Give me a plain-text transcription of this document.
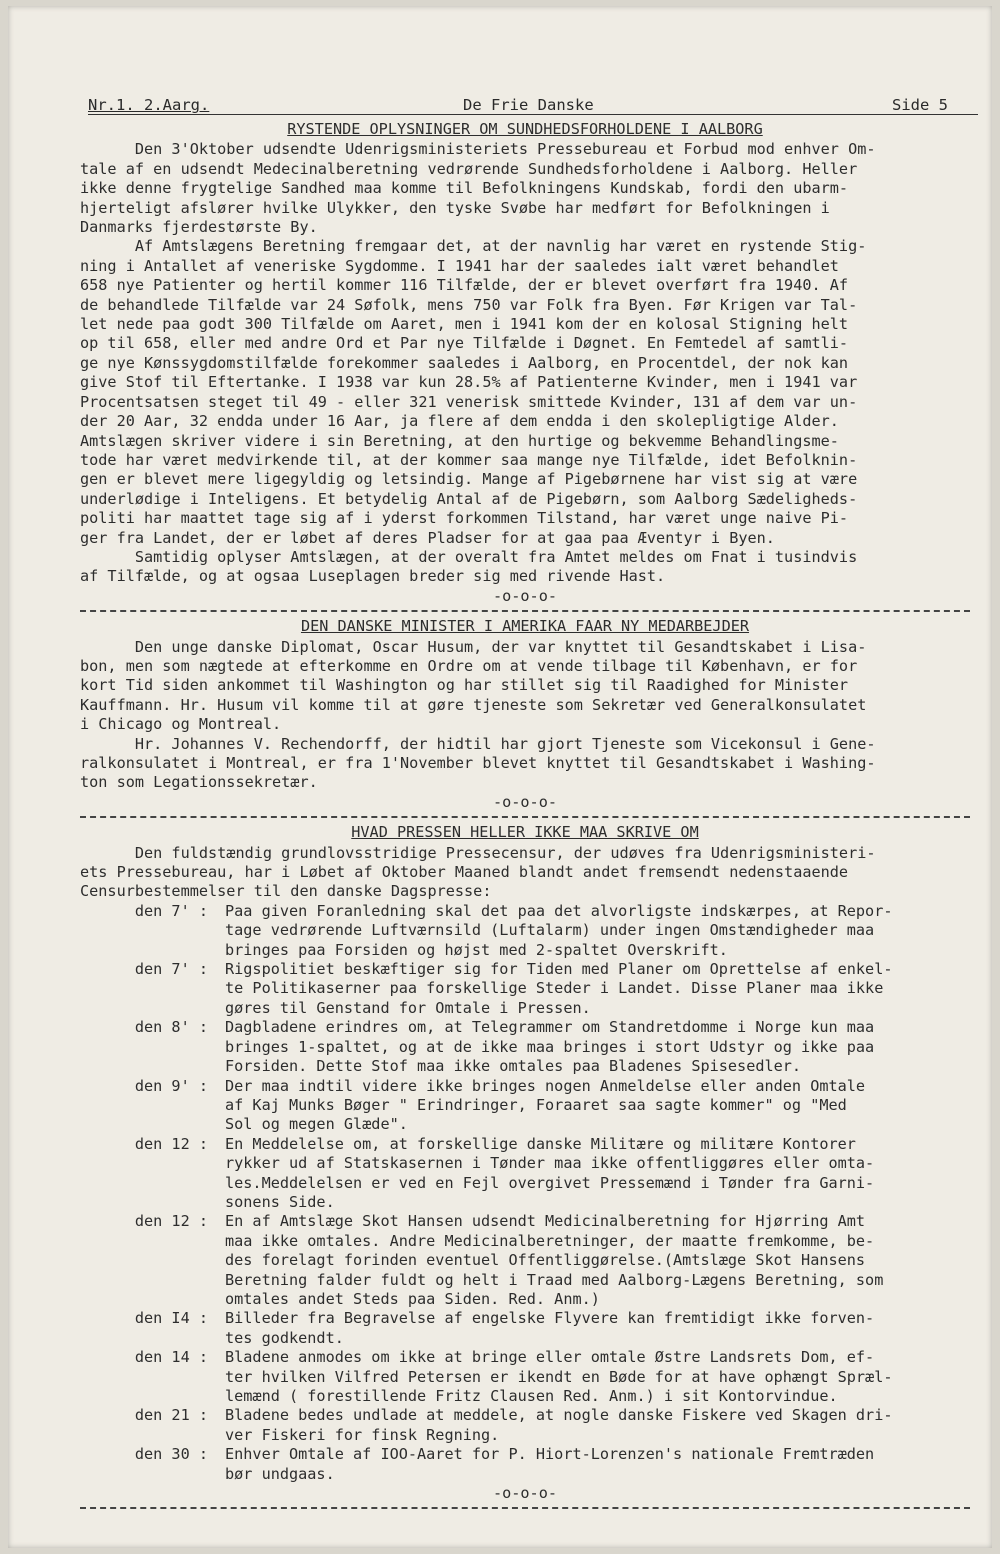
Nr.1. 2.Aarg.	De Frie Danske	Side 5
RYSTENDE OPLYSNINGER OM SUNDHEDSFORHOLDENE I AALBORG
Den 3'Oktober udsendte Udenrigsministeriets Pressebureau et Forbud mod enhver Om-
tale af en udsendt Medecinalberetning vedrørende Sundhedsforholdene i Aalborg. Heller
ikke denne frygtelige Sandhed maa komme til Befolkningens Kundskab, fordi den ubarm-
hjerteligt afslører hvilke Ulykker, den tyske Svøbe har medført for Befolkningen i
Danmarks fjerdestørste By.
Af Amtslægens Beretning fremgaar det, at der navnlig har været en rystende Stig-
ning i Antallet af veneriske Sygdomme. I 1941 har der saaledes ialt været behandlet
658 nye Patienter og hertil kommer 116 Tilfælde, der er blevet overført fra 1940. Af
de behandlede Tilfælde var 24 Søfolk, mens 750 var Folk fra Byen. Før Krigen var Tal-
let nede paa godt 300 Tilfælde om Aaret, men i 1941 kom der en kolosal Stigning helt
op til 658, eller med andre Ord et Par nye Tilfælde i Døgnet. En Femtedel af samtli-
ge nye Kønssygdomstilfælde forekommer saaledes i Aalborg, en Procentdel, der nok kan
give Stof til Eftertanke. I 1938 var kun 28.5% af Patienterne Kvinder, men i 1941 var
Procentsatsen steget til 49 - eller 321 venerisk smittede Kvinder, 131 af dem var un-
der 20 Aar, 32 endda under 16 Aar, ja flere af dem endda i den skolepligtige Alder.
Amtslægen skriver videre i sin Beretning, at den hurtige og bekvemme Behandlingsme-
tode har været medvirkende til, at der kommer saa mange nye Tilfælde, idet Befolknin-
gen er blevet mere ligegyldig og letsindig. Mange af Pigebørnene har vist sig at være
underlødige i Inteligens. Et betydelig Antal af de Pigebørn, som Aalborg Sædeligheds-
politi har maattet tage sig af i yderst forkommen Tilstand, har været unge naive Pi-
ger fra Landet, der er løbet af deres Pladser for at gaa paa Æventyr i Byen.
Samtidig oplyser Amtslægen, at der overalt fra Amtet meldes om Fnat i tusindvis
af Tilfælde, og at ogsaa Luseplagen breder sig med rivende Hast.
-o-o-o-
DEN DANSKE MINISTER I AMERIKA FAAR NY MEDARBEJDER
Den unge danske Diplomat, Oscar Husum, der var knyttet til Gesandtskabet i Lisa-
bon, men som nægtede at efterkomme en Ordre om at vende tilbage til København, er for
kort Tid siden ankommet til Washington og har stillet sig til Raadighed for Minister
Kauffmann. Hr. Husum vil komme til at gøre tjeneste som Sekretær ved Generalkonsulatet
i Chicago og Montreal.
Hr. Johannes V. Rechendorff, der hidtil har gjort Tjeneste som Vicekonsul i Gene-
ralkonsulatet i Montreal, er fra 1'November blevet knyttet til Gesandtskabet i Washing-
ton som Legationssekretær.
-o-o-o-
HVAD PRESSEN HELLER IKKE MAA SKRIVE OM
Den fuldstændig grundlovsstridige Pressecensur, der udøves fra Udenrigsministeri-
ets Pressebureau, har i Løbet af Oktober Maaned blandt andet fremsendt nedenstaaende
Censurbestemmelser til den danske Dagspresse:
den 7' :	Paa given Foranledning skal det paa det alvorligste indskærpes, at Repor-
tage vedrørende Luftværnsild (Luftalarm) under ingen Omstændigheder maa
bringes paa Forsiden og højst med 2-spaltet Overskrift.
den 7' :	Rigspolitiet beskæftiger sig for Tiden med Planer om Oprettelse af enkel-
te Politikaserner paa forskellige Steder i Landet. Disse Planer maa ikke
gøres til Genstand for Omtale i Pressen.
den 8' :	Dagbladene erindres om, at Telegrammer om Standretdomme i Norge kun maa
bringes 1-spaltet, og at de ikke maa bringes i stort Udstyr og ikke paa
Forsiden. Dette Stof maa ikke omtales paa Bladenes Spisesedler.
den 9' :	Der maa indtil videre ikke bringes nogen Anmeldelse eller anden Omtale
af Kaj Munks Bøger " Erindringer, Foraaret saa sagte kommer" og "Med
Sol og megen Glæde".
den 12 :	En Meddelelse om, at forskellige danske Militære og militære Kontorer
rykker ud af Statskasernen i Tønder maa ikke offentliggøres eller omta-
les.Meddelelsen er ved en Fejl overgivet Pressemænd i Tønder fra Garni-
sonens Side.
den 12 :	En af Amtslæge Skot Hansen udsendt Medicinalberetning for Hjørring Amt
maa ikke omtales. Andre Medicinalberetninger, der maatte fremkomme, be-
des forelagt forinden eventuel Offentliggørelse.(Amtslæge Skot Hansens
Beretning falder fuldt og helt i Traad med Aalborg-Lægens Beretning, som
omtales andet Steds paa Siden. Red. Anm.)
den I4 :	Billeder fra Begravelse af engelske Flyvere kan fremtidigt ikke forven-
tes godkendt.
den 14 :	Bladene anmodes om ikke at bringe eller omtale Østre Landsrets Dom, ef-
ter hvilken Vilfred Petersen er ikendt en Bøde for at have ophængt Spræl-
lemænd ( forestillende Fritz Clausen Red. Anm.) i sit Kontorvindue.
den 21 :	Bladene bedes undlade at meddele, at nogle danske Fiskere ved Skagen dri-
ver Fiskeri for finsk Regning.
den 30 :	Enhver Omtale af IOO-Aaret for P. Hiort-Lorenzen's nationale Fremtræden
bør undgaas.
-o-o-o-
